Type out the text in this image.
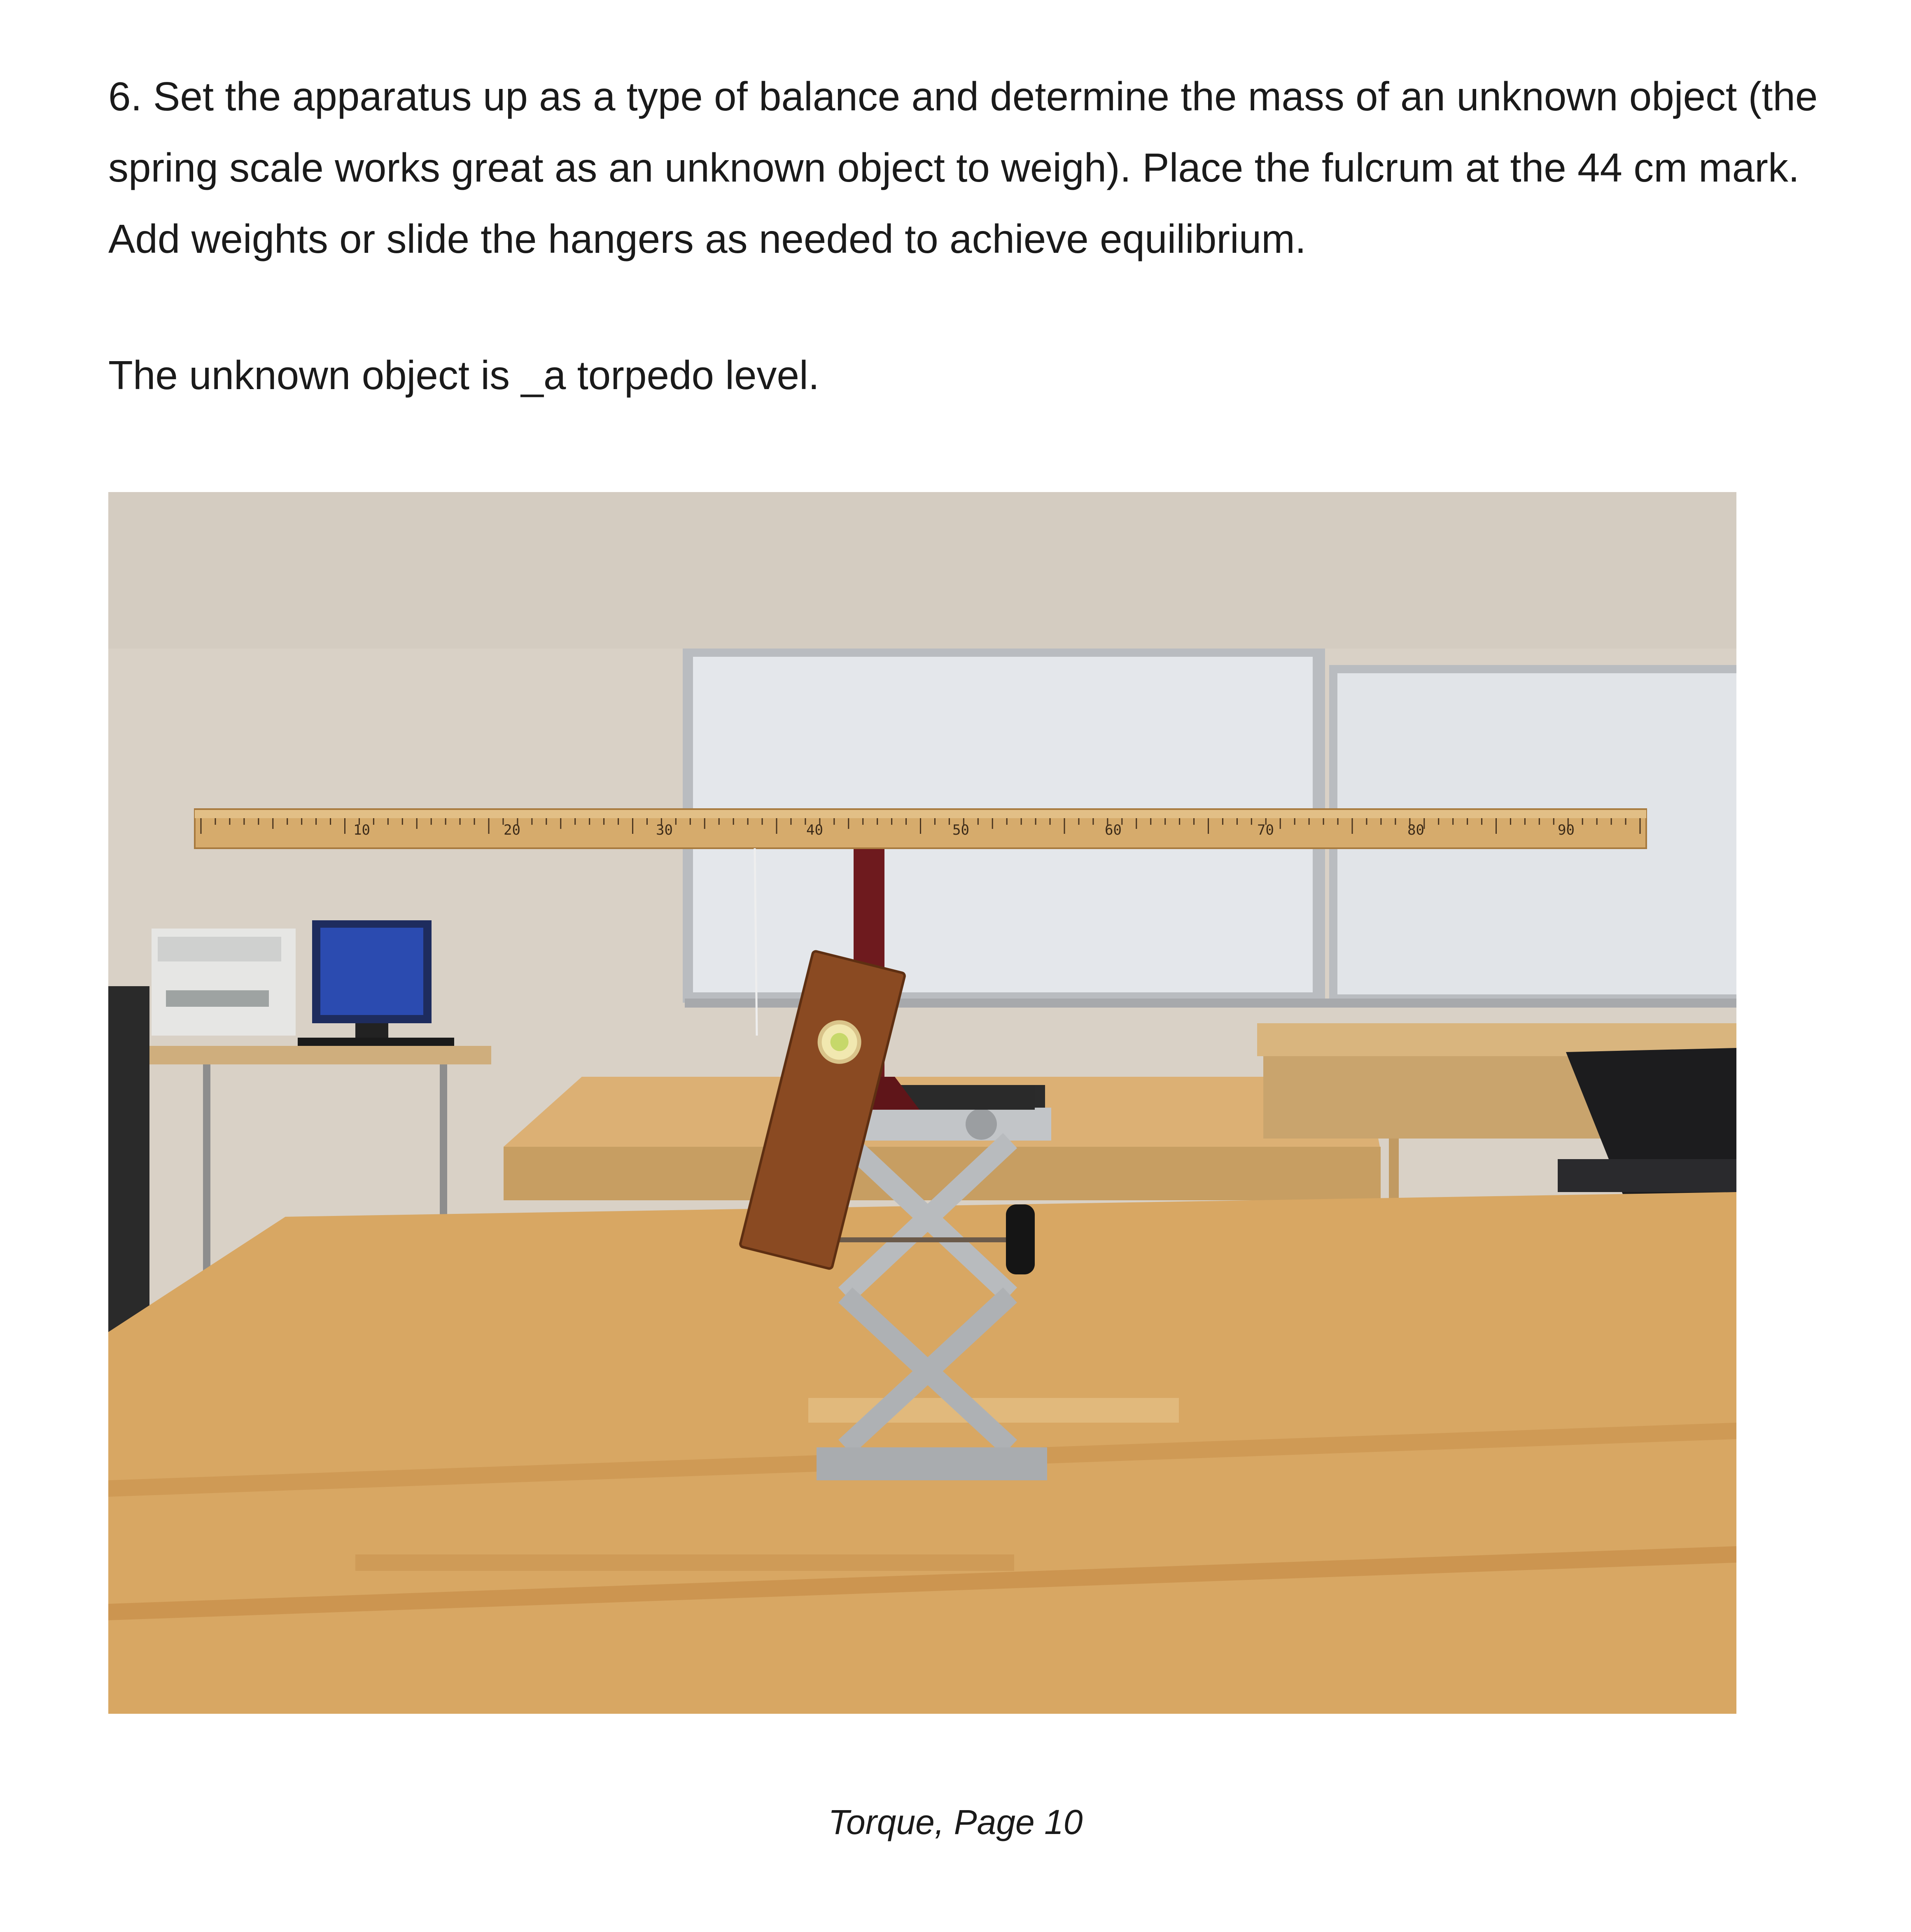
6. Set the apparatus up as a type of balance and determine the mass of an unknown object (the spring scale works great as an unknown object to weigh). Place the fulcrum at the 44 cm mark. Add weights or slide the hangers as needed to achieve equilibrium.

The unknown object is _a torpedo level.

10	20	30	40	50	60	70	80	90
Torque, Page 10
